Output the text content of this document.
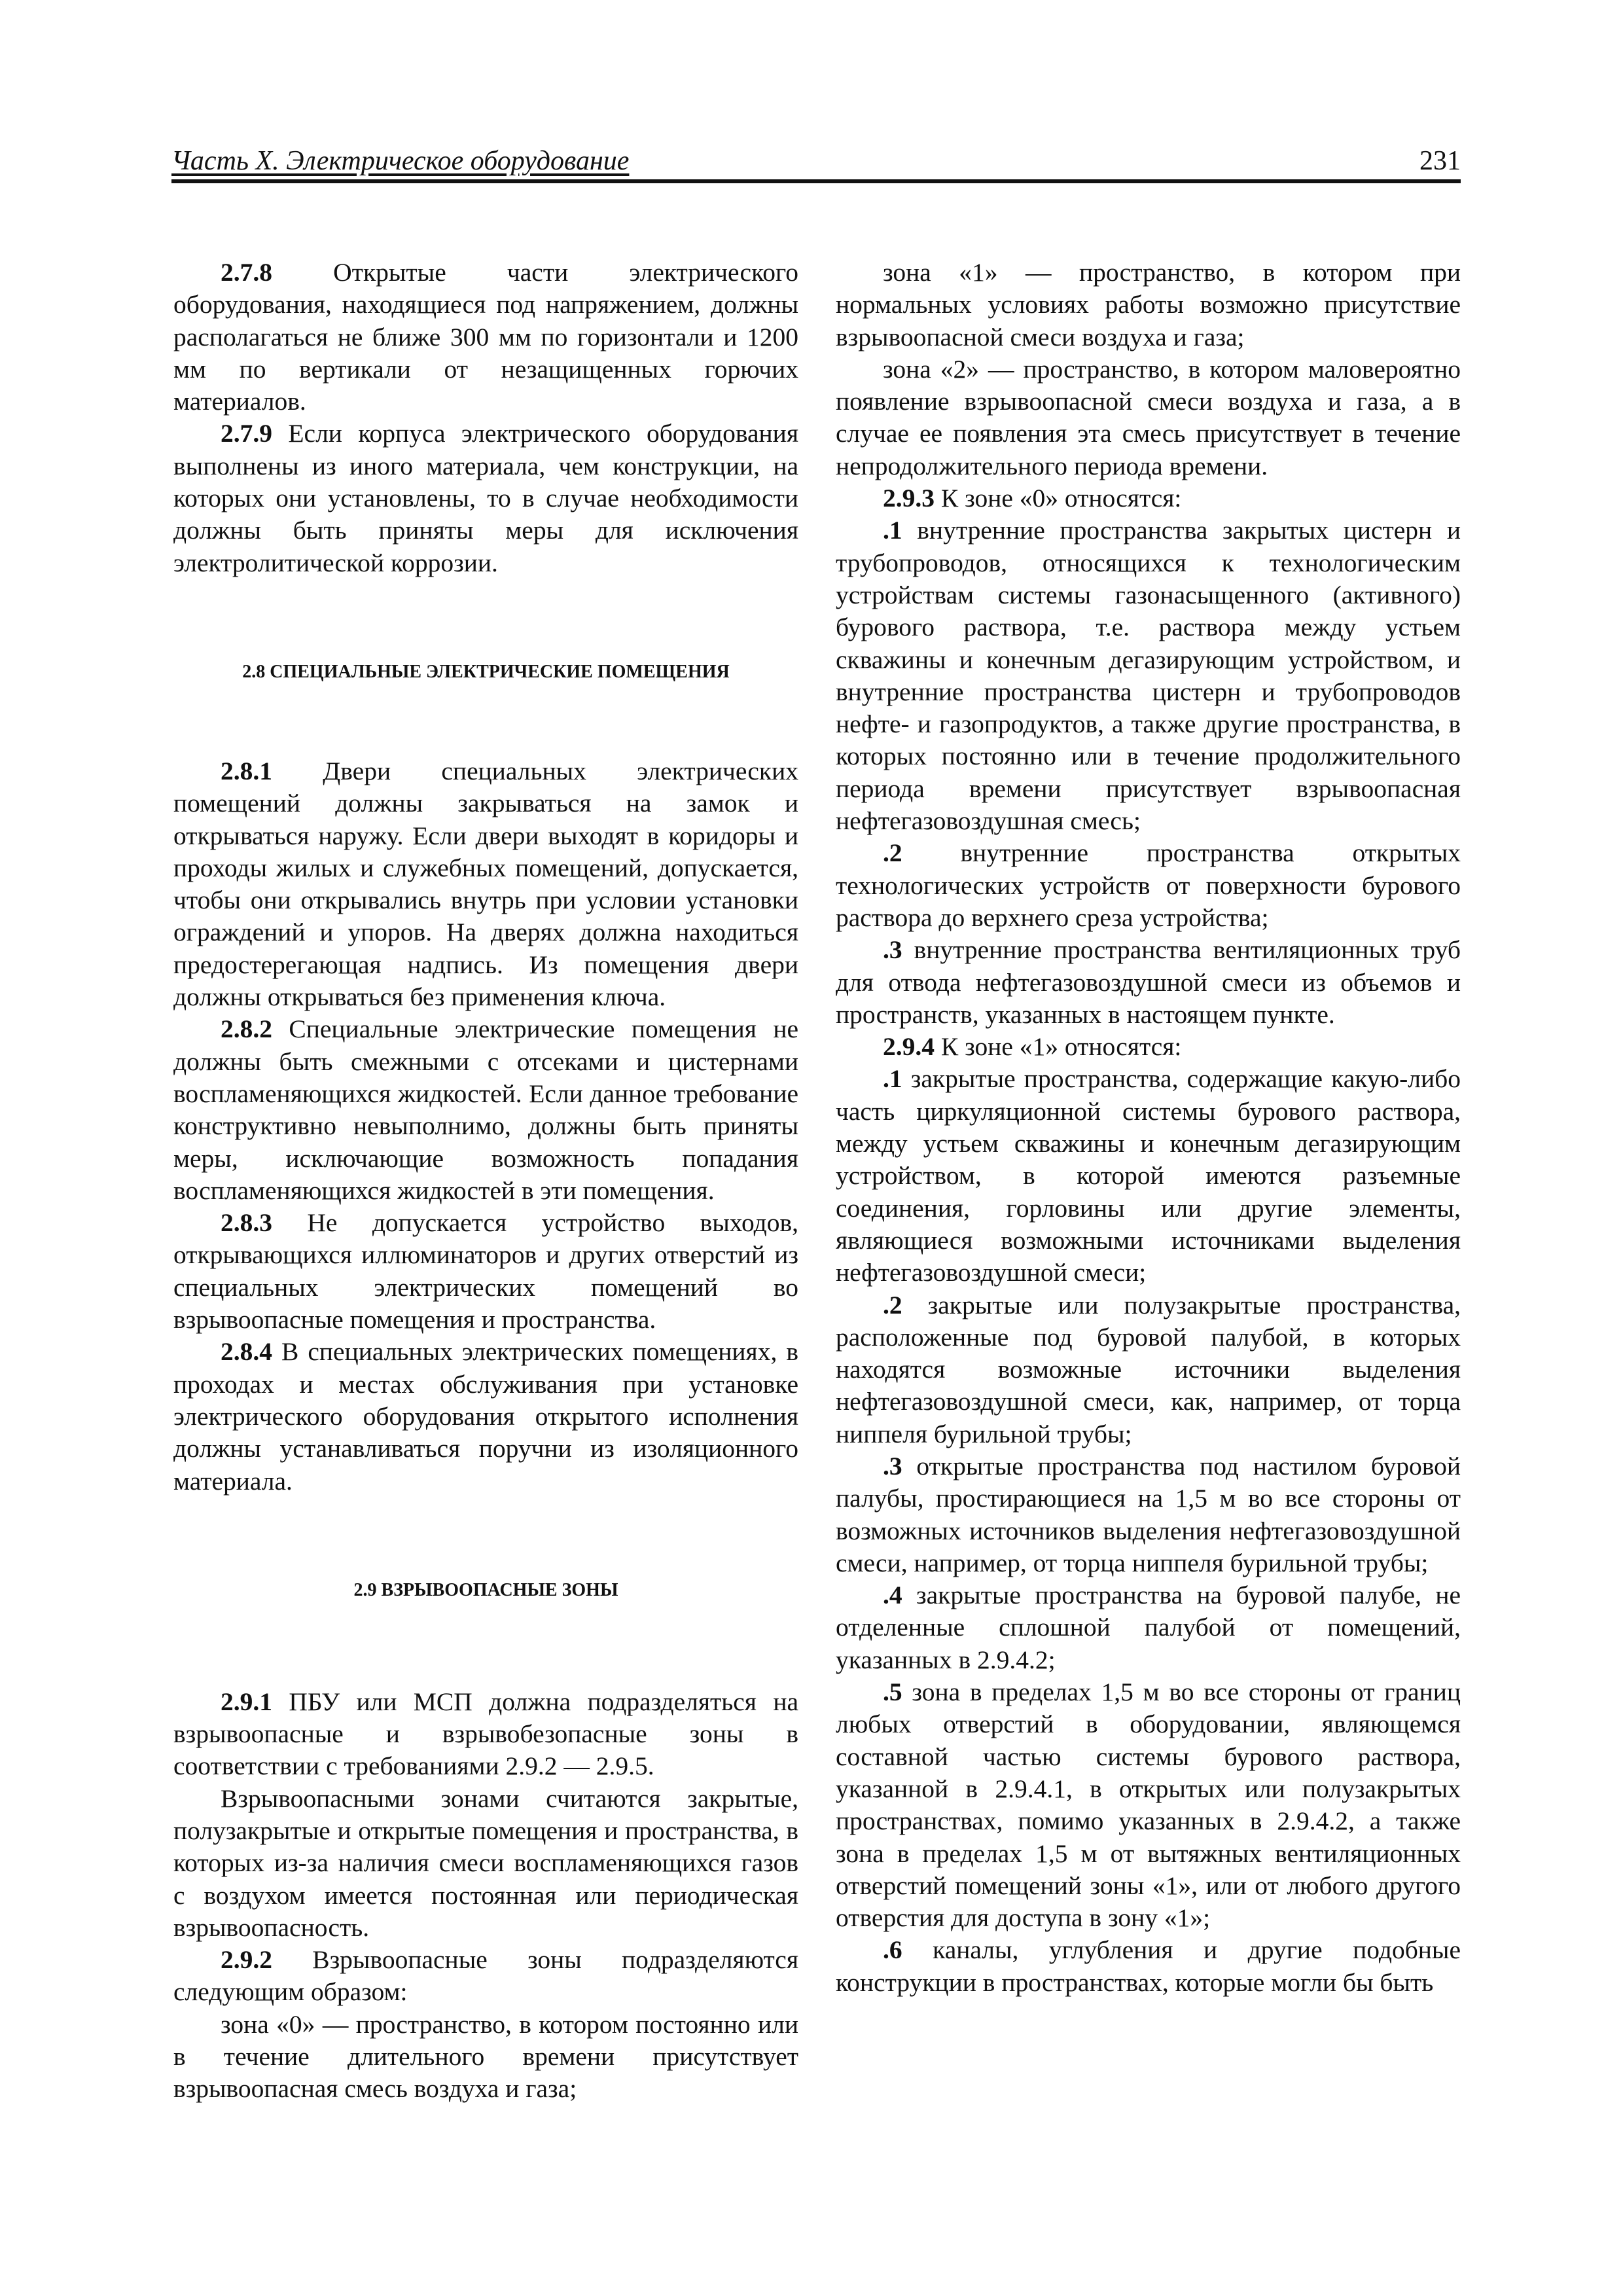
Часть X. Электрическое оборудование	231

2.7.8 Открытые части электрического оборудования, находящиеся под напряжением, должны располагаться не ближе 300 мм по горизонтали и 1200 мм по вертикали от незащищенных горючих материалов.

2.7.9 Если корпуса электрического оборудования выполнены из иного материала, чем конструкции, на которых они установлены, то в случае необходимости должны быть приняты меры для исключения электролитической коррозии.

2.8 СПЕЦИАЛЬНЫЕ ЭЛЕКТРИЧЕСКИЕ ПОМЕЩЕНИЯ

2.8.1 Двери специальных электрических помещений должны закрываться на замок и открываться наружу. Если двери выходят в коридоры и проходы жилых и служебных помещений, допускается, чтобы они открывались внутрь при условии установки ограждений и упоров. На дверях должна находиться предостерегающая надпись. Из помещения двери должны открываться без применения ключа.

2.8.2 Специальные электрические помещения не должны быть смежными с отсеками и цистернами воспламеняющихся жидкостей. Если данное требование конструктивно невыполнимо, должны быть приняты меры, исключающие возможность попадания воспламеняющихся жидкостей в эти помещения.

2.8.3 Не допускается устройство выходов, открывающихся иллюминаторов и других отверстий из специальных электрических помещений во взрывоопасные помещения и пространства.

2.8.4 В специальных электрических помещениях, в проходах и местах обслуживания при установке электрического оборудования открытого исполнения должны устанавливаться поручни из изоляционного материала.

2.9 ВЗРЫВООПАСНЫЕ ЗОНЫ

2.9.1 ПБУ или МСП должна подразделяться на взрывоопасные и взрывобезопасные зоны в соответствии с требованиями 2.9.2 — 2.9.5.

Взрывоопасными зонами считаются закрытые, полузакрытые и открытые помещения и пространства, в которых из-за наличия смеси воспламеняющихся газов с воздухом имеется постоянная или периодическая взрывоопасность.

2.9.2 Взрывоопасные зоны подразделяются следующим образом:

зона «0» — пространство, в котором постоянно или в течение длительного времени присутствует взрывоопасная смесь воздуха и газа;

зона «1» — пространство, в котором при нормальных условиях работы возможно присутствие взрывоопасной смеси воздуха и газа;

зона «2» — пространство, в котором маловероятно появление взрывоопасной смеси воздуха и газа, а в случае ее появления эта смесь присутствует в течение непродолжительного периода времени.

2.9.3 К зоне «0» относятся:

.1 внутренние пространства закрытых цистерн и трубопроводов, относящихся к технологическим устройствам системы газонасыщенного (активного) бурового раствора, т.е. раствора между устьем скважины и конечным дегазирующим устройством, и внутренние пространства цистерн и трубопроводов нефте- и газопродуктов, а также другие пространства, в которых постоянно или в течение продолжительного периода времени присутствует взрывоопасная нефтегазовоздушная смесь;

.2 внутренние пространства открытых технологических устройств от поверхности бурового раствора до верхнего среза устройства;

.3 внутренние пространства вентиляционных труб для отвода нефтегазовоздушной смеси из объемов и пространств, указанных в настоящем пункте.

2.9.4 К зоне «1» относятся:

.1 закрытые пространства, содержащие какую-либо часть циркуляционной системы бурового раствора, между устьем скважины и конечным дегазирующим устройством, в которой имеются разъемные соединения, горловины или другие элементы, являющиеся возможными источниками выделения нефтегазовоздушной смеси;

.2 закрытые или полузакрытые пространства, расположенные под буровой палубой, в которых находятся возможные источники выделения нефтегазовоздушной смеси, как, например, от торца ниппеля бурильной трубы;

.3 открытые пространства под настилом буровой палубы, простирающиеся на 1,5 м во все стороны от возможных источников выделения нефтегазовоздушной смеси, например, от торца ниппеля бурильной трубы;

.4 закрытые пространства на буровой палубе, не отделенные сплошной палубой от помещений, указанных в 2.9.4.2;

.5 зона в пределах 1,5 м во все стороны от границ любых отверстий в оборудовании, являющемся составной частью системы бурового раствора, указанной в 2.9.4.1, в открытых или полузакрытых пространствах, помимо указанных в 2.9.4.2, а также зона в пределах 1,5 м от вытяжных вентиляционных отверстий помещений зоны «1», или от любого другого отверстия для доступа в зону «1»;

.6 каналы, углубления и другие подобные конструкции в пространствах, которые могли бы быть
